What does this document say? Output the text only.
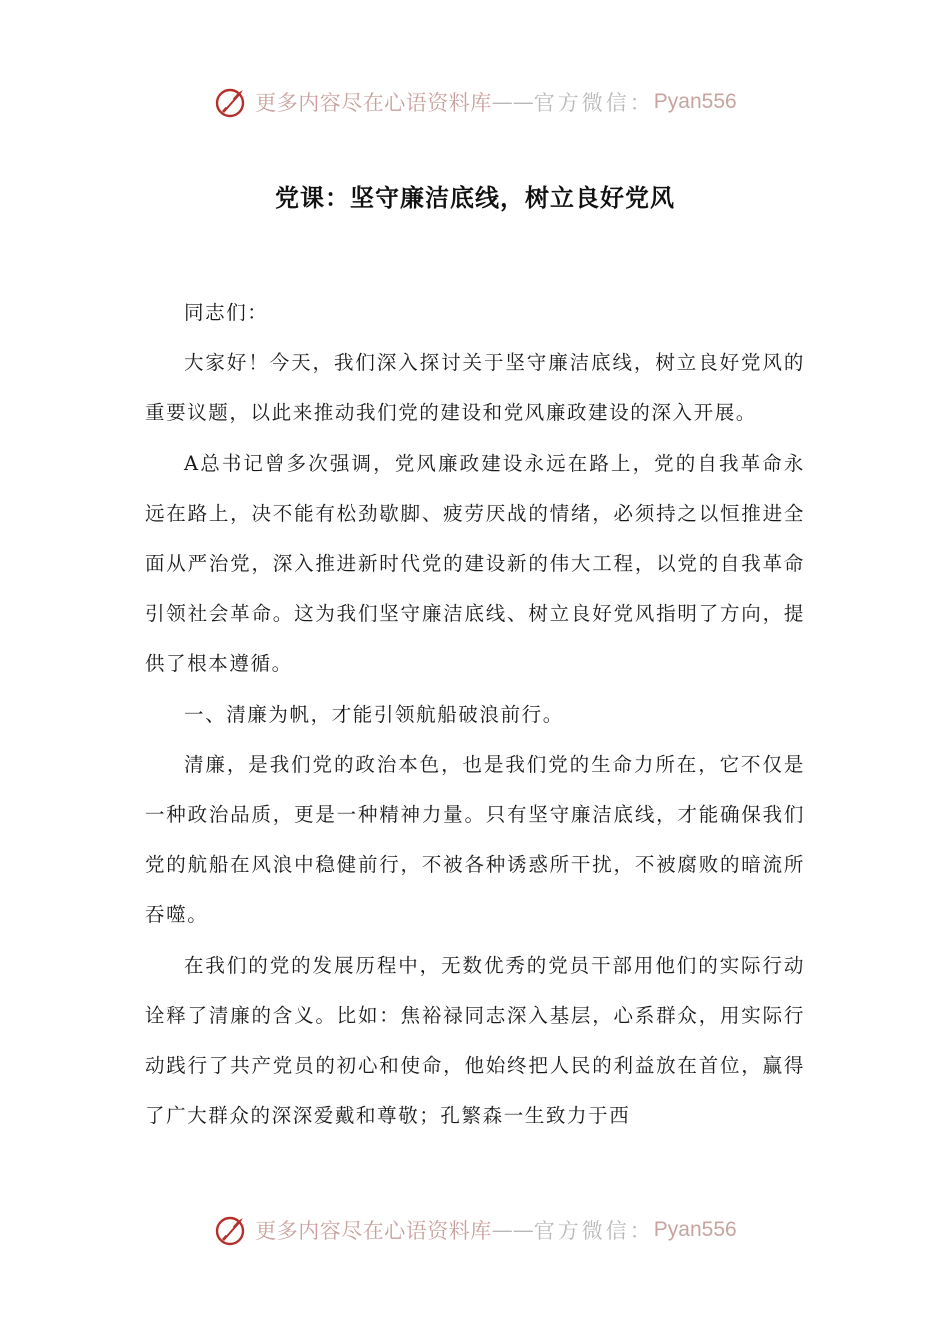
更多内容尽在心语资料库 —— 官方微信： Pyan556
党课：坚守廉洁底线，树立良好党风

同志们：

大家好！今天，我们深入探讨关于坚守廉洁底线，树立良好党风的重要议题，以此来推动我们党的建设和党风廉政建设的深入开展。

A总书记曾多次强调，党风廉政建设永远在路上，党的自我革命永远在路上，决不能有松劲歇脚、疲劳厌战的情绪，必须持之以恒推进全面从严治党，深入推进新时代党的建设新的伟大工程，以党的自我革命引领社会革命。这为我们坚守廉洁底线、树立良好党风指明了方向，提供了根本遵循。

一、清廉为帆，才能引领航船破浪前行。

清廉，是我们党的政治本色，也是我们党的生命力所在，它不仅是一种政治品质，更是一种精神力量。只有坚守廉洁底线，才能确保我们党的航船在风浪中稳健前行，不被各种诱惑所干扰，不被腐败的暗流所吞噬。

在我们的党的发展历程中，无数优秀的党员干部用他们的实际行动诠释了清廉的含义。比如：焦裕禄同志深入基层，心系群众，用实际行动践行了共产党员的初心和使命，他始终把人民的利益放在首位，赢得了广大群众的深深爱戴和尊敬；孔繁森一生致力于西

更多内容尽在心语资料库 —— 官方微信： Pyan556
